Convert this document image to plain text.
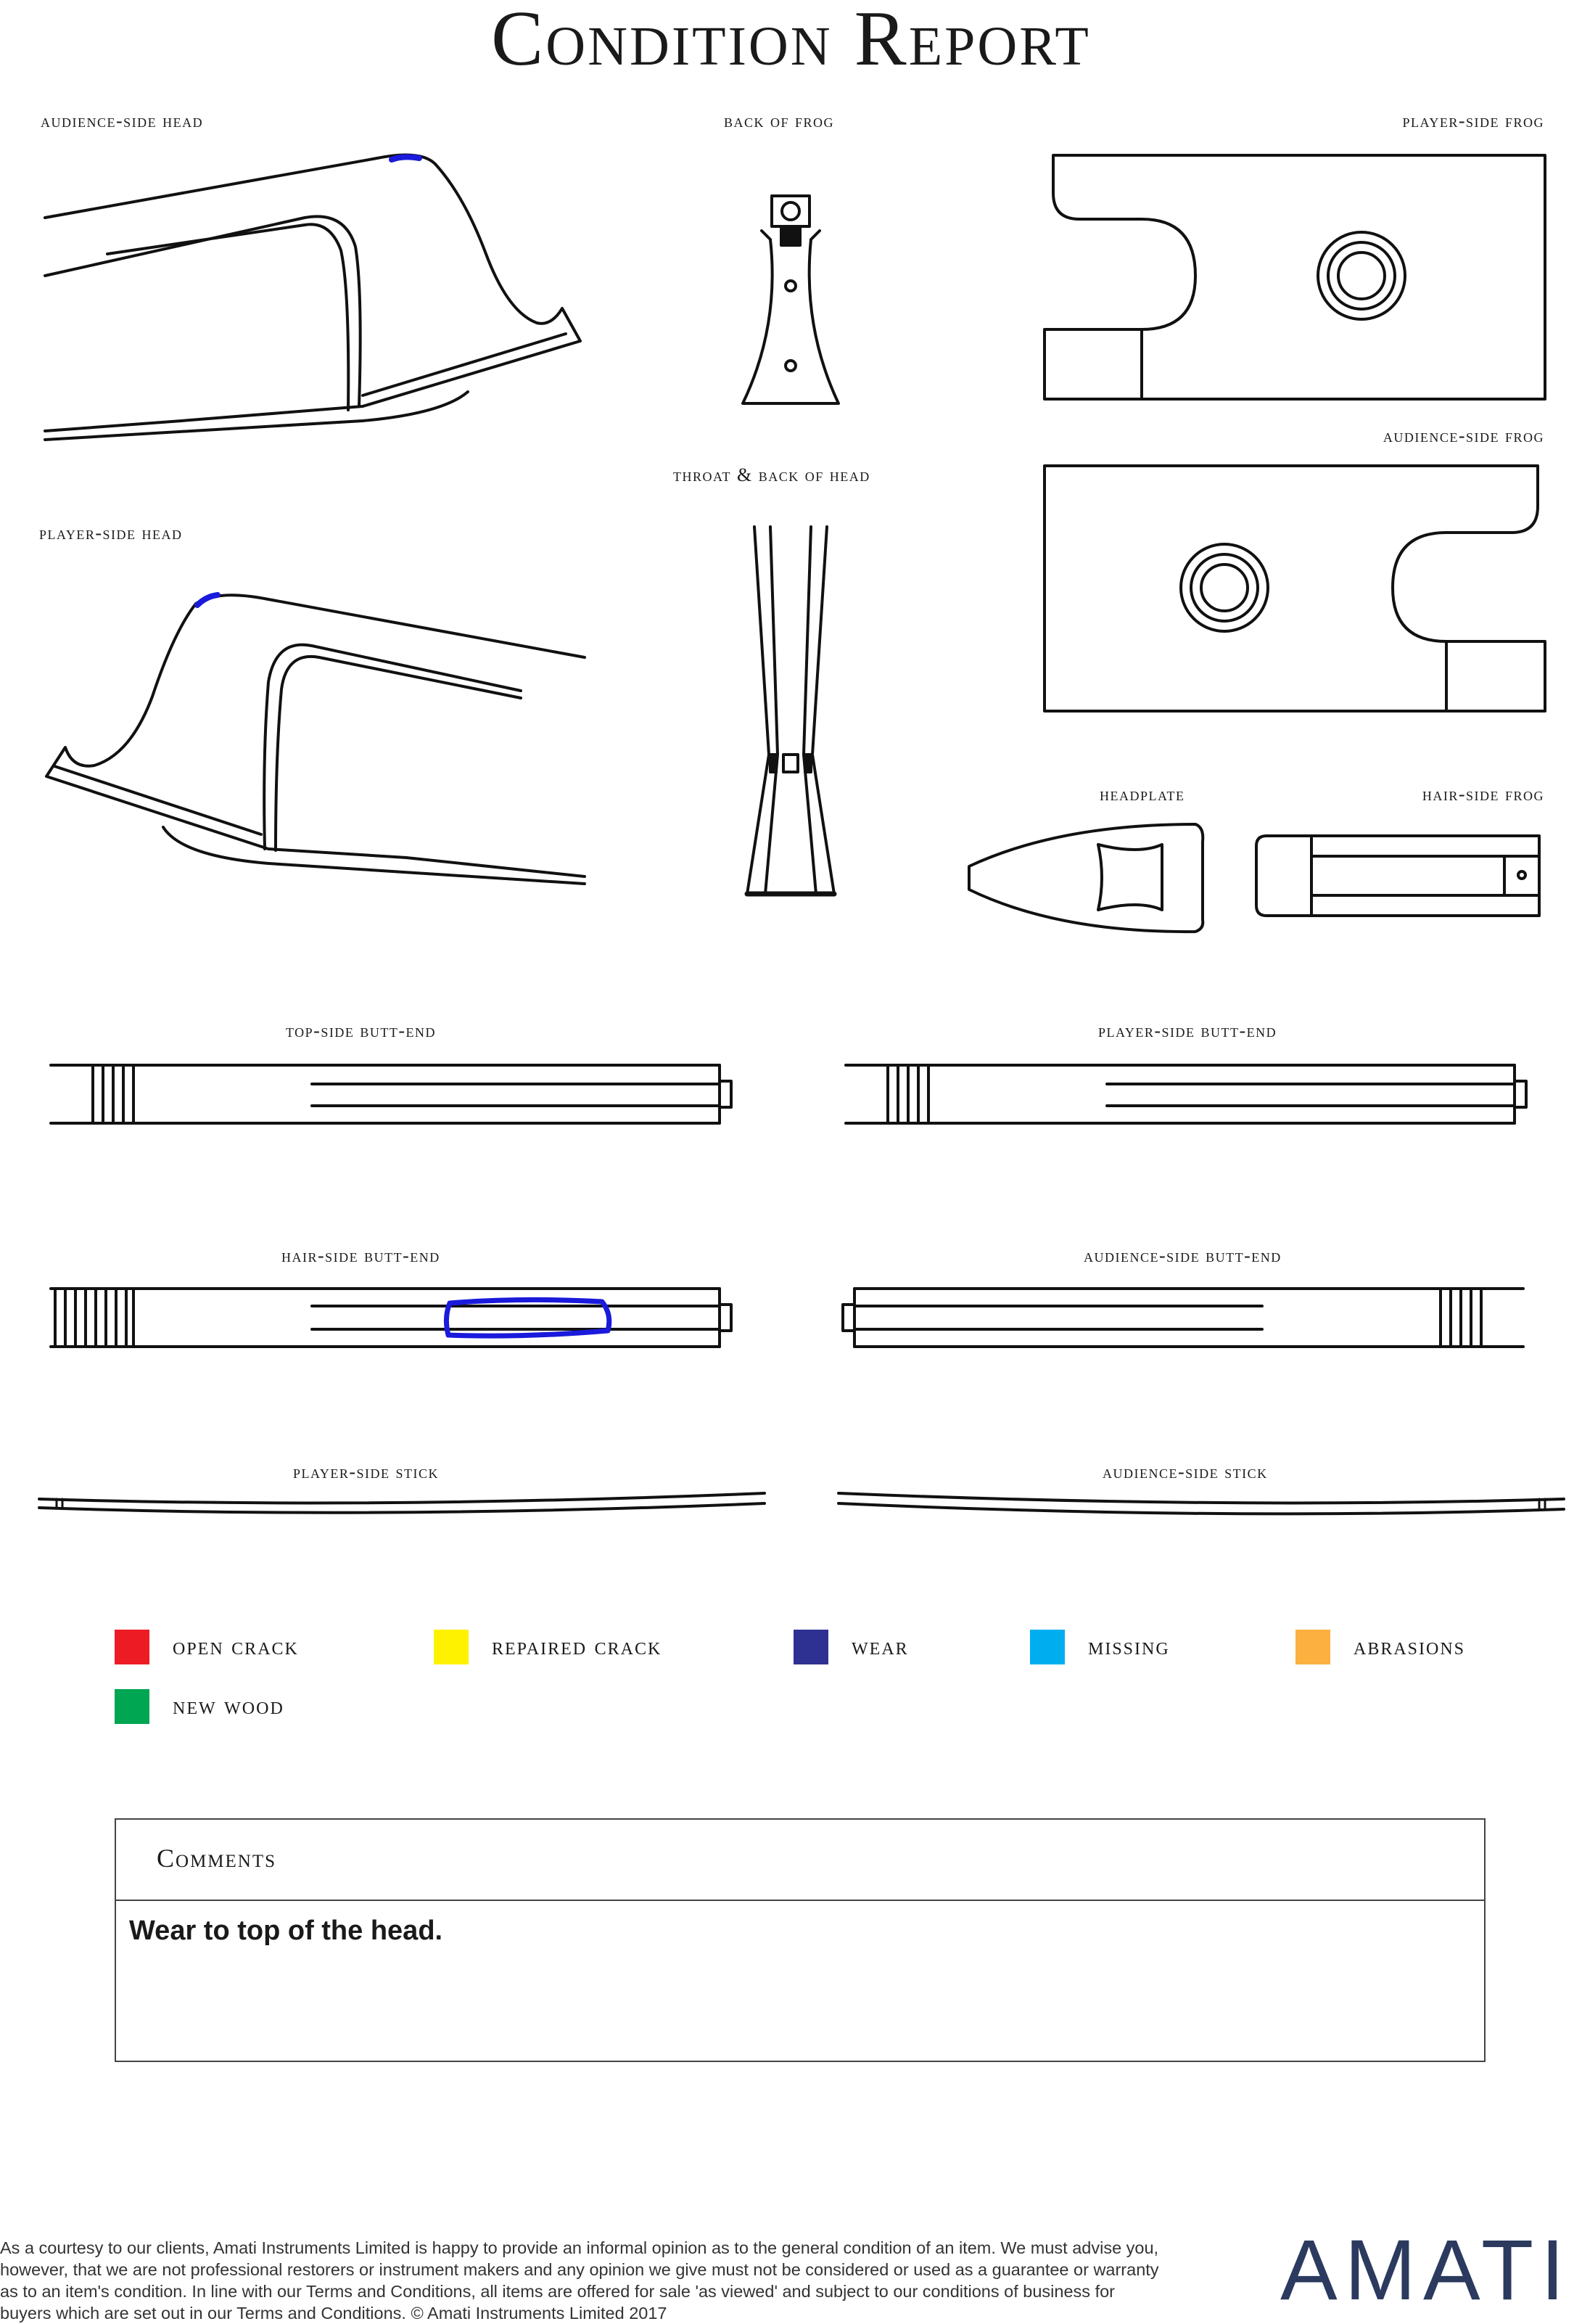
Condition Report
audience-side head	back of frog	player-side frog
audience-side frog
throat & back of head
player-side head
headplate	hair-side frog
top-side butt-end	player-side butt-end
hair-side butt-end	audience-side butt-end
player-side stick	audience-side stick
open crack	repaired crack	wear	missing	abrasions
new wood
Comments
Wear to top of the head.
As a courtesy to our clients, Amati Instruments Limited is happy to provide an informal opinion as to the general condition of an item. We must advise you, however, that we are not professional restorers or instrument makers and any opinion we give must not be considered or used as a guarantee or warranty as to an item's condition. In line with our Terms and Conditions, all items are offered for sale 'as viewed' and subject to our conditions of business for buyers which are set out in our Terms and Conditions. © Amati Instruments Limited 2017	AMATI
